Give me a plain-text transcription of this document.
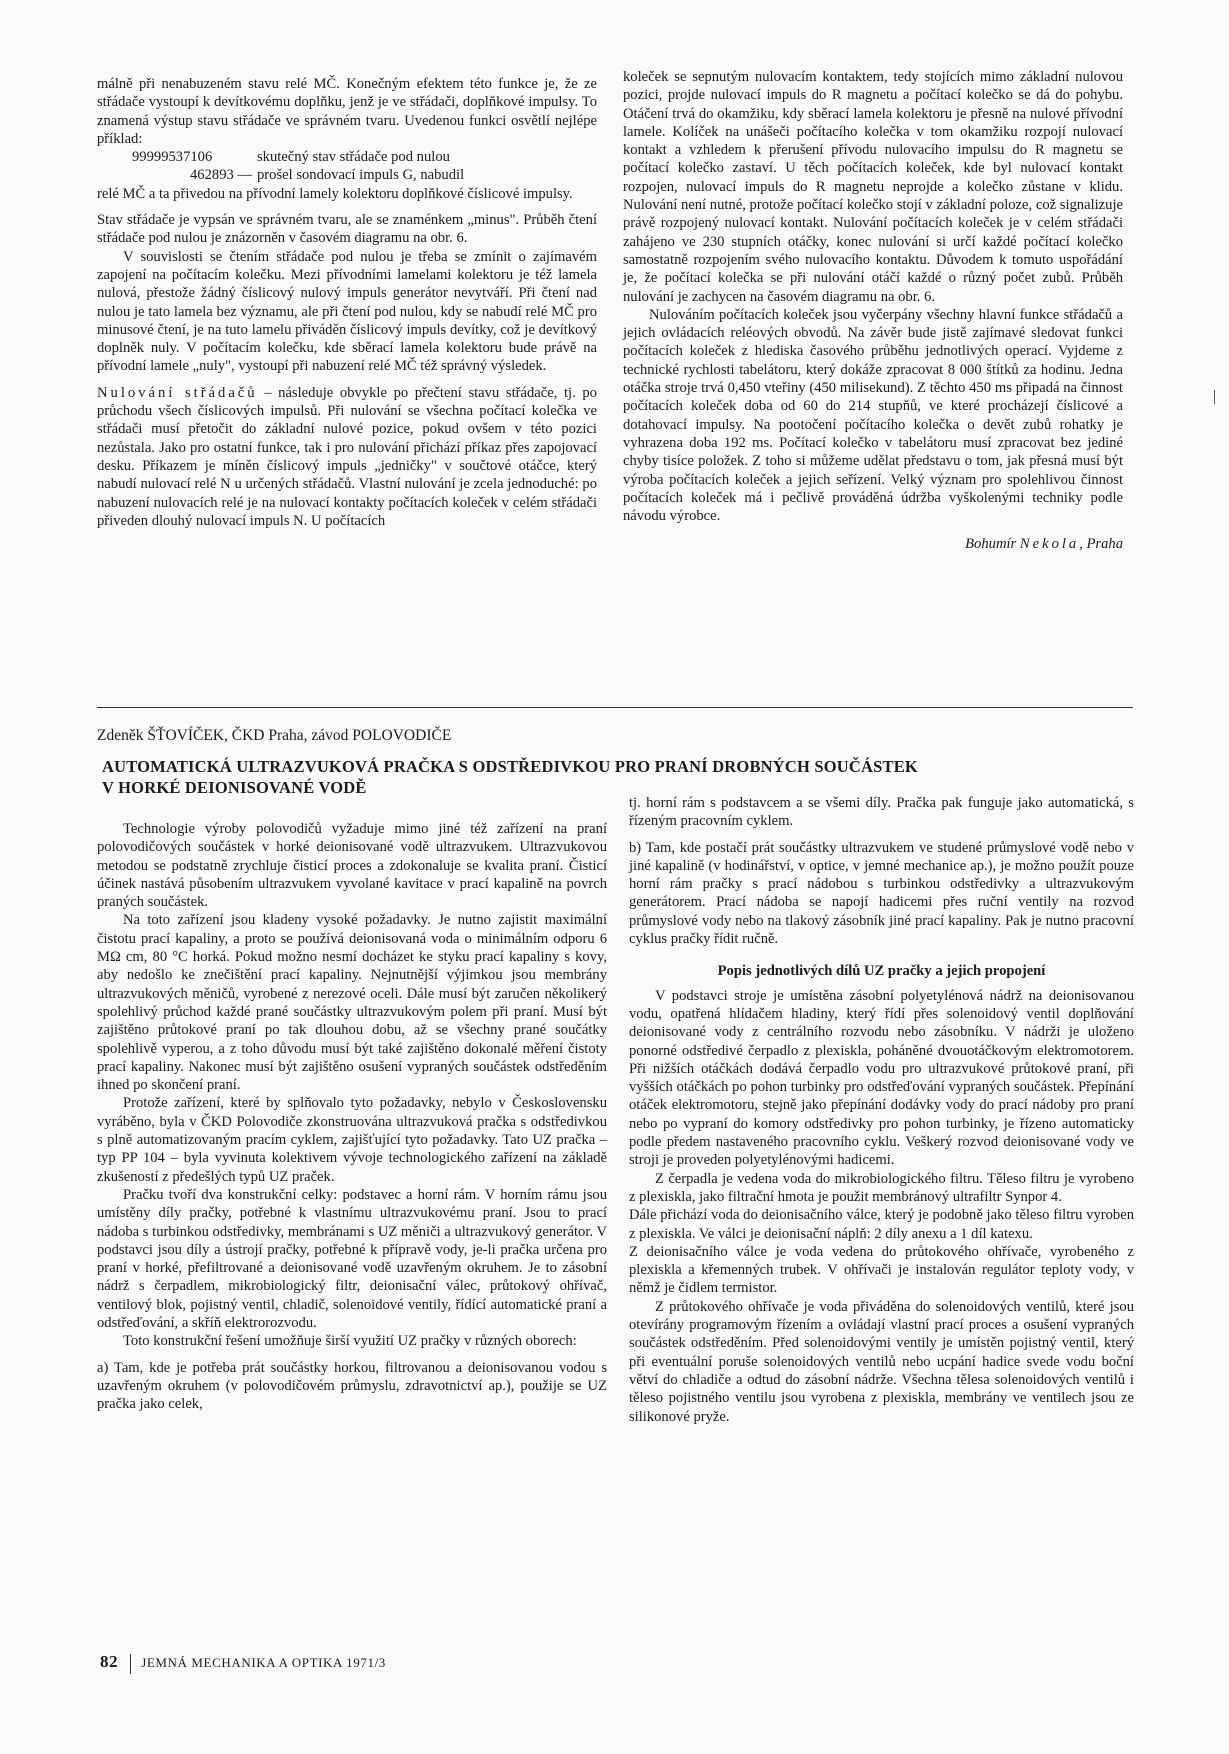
málně při nenabuzeném stavu relé MČ. Konečným efektem této funkce je, že ze střádače vystoupí k devítkovému doplňku, jenž je ve střádači, doplňkové impulsy. To znamená výstup stavu střádače ve správném tvaru. Uvedenou funkci osvětlí nejlépe příklad:

99999537106	skutečný stav střádače pod nulou
462893 — prošel sondovací impuls G, nabudil

relé MČ a ta přivedou na přívodní lamely kolektoru doplňkové číslicové impulsy.

Stav střádače je vypsán ve správném tvaru, ale se znaménkem „minus". Průběh čtení střádače pod nulou je znázorněn v časovém diagramu na obr. 6.

V souvislosti se čtením střádače pod nulou je třeba se zmínit o zajímavém zapojení na počítacím kolečku. Mezi přívodními lamelami kolektoru je též lamela nulová, přestože žádný číslicový nulový impuls generátor nevytváří. Při čtení nad nulou je tato lamela bez významu, ale při čtení pod nulou, kdy se nabudí relé MČ pro minusové čtení, je na tuto lamelu přiváděn číslicový impuls devítky, což je devítkový doplněk nuly. V počítacím kolečku, kde sběrací lamela kolektoru bude právě na přívodní lamele „nuly", vystoupí při nabuzení relé MČ též správný výsledek.

Nulování střádačů – následuje obvykle po přečtení stavu střádače, tj. po průchodu všech číslicových impulsů. Při nulování se všechna počítací kolečka ve střádači musí přetočit do základní nulové pozice, pokud ovšem v této pozici nezůstala. Jako pro ostatní funkce, tak i pro nulování přichází příkaz přes zapojovací desku. Příkazem je míněn číslicový impuls „jedničky" v součtové otáčce, který nabudí nulovací relé N u určených střádačů. Vlastní nulování je zcela jednoduché: po nabuzení nulovacích relé je na nulovací kontakty počítacích koleček v celém střádači přiveden dlouhý nulovací impuls N. U počítacích

koleček se sepnutým nulovacím kontaktem, tedy stojících mimo základní nulovou pozici, projde nulovací impuls do R magnetu a počítací kolečko se dá do pohybu. Otáčení trvá do okamžiku, kdy sběrací lamela kolektoru je přesně na nulové přívodní lamele. Kolíček na unášeči počítacího kolečka v tom okamžiku rozpojí nulovací kontakt a vzhledem k přerušení přívodu nulovacího impulsu do R magnetu se počítací kolečko zastaví. U těch počítacích koleček, kde byl nulovací kontakt rozpojen, nulovací impuls do R magnetu neprojde a kolečko zůstane v klidu. Nulování není nutné, protože počítací kolečko stojí v základní poloze, což signalizuje právě rozpojený nulovací kontakt. Nulování počítacích koleček je v celém střádači zahájeno ve 230 stupních otáčky, konec nulování si určí každé počítací kolečko samostatně rozpojením svého nulovacího kontaktu. Důvodem k tomuto uspořádání je, že počítací kolečka se při nulování otáčí každé o různý počet zubů. Průběh nulování je zachycen na časovém diagramu na obr. 6.

Nulováním počítacích koleček jsou vyčerpány všechny hlavní funkce střádačů a jejich ovládacích reléových obvodů. Na závěr bude jistě zajímavé sledovat funkci počítacích koleček z hlediska časového průběhu jednotlivých operací. Vyjdeme z technické rychlosti tabelátoru, který dokáže zpracovat 8 000 štítků za hodinu. Jedna otáčka stroje trvá 0,450 vteřiny (450 milisekund). Z těchto 450 ms připadá na činnost počítacích koleček doba od 60 do 214 stupňů, ve které procházejí číslicové a dotahovací impulsy. Na pootočení počítacího kolečka o devět zubů rohatky je vyhrazena doba 192 ms. Počítací kolečko v tabelátoru musí zpracovat bez jediné chyby tisíce položek. Z toho si můžeme udělat představu o tom, jak přesná musí být výroba počítacích koleček a jejich seřízení. Velký význam pro spolehlivou činnost počítacích koleček má i pečlivě prováděná údržba vyškolenými techniky podle návodu výrobce.

Bohumír Nekola, Praha

Zdeněk ŠŤOVÍČEK, ČKD Praha, závod POLOVODIČE
AUTOMATICKÁ ULTRAZVUKOVÁ PRAČKA S ODSTŘEDIVKOU PRO PRANÍ DROBNÝCH SOUČÁSTEK
V HORKÉ DEIONISOVANÉ VODĚ

Technologie výroby polovodičů vyžaduje mimo jiné též zařízení na praní polovodičových součástek v horké deionisované vodě ultrazvukem. Ultrazvukovou metodou se podstatně zrychluje čisticí proces a zdokonaluje se kvalita praní. Čisticí účinek nastává působením ultrazvukem vyvolané kavitace v prací kapalině na povrch praných součástek.

Na toto zařízení jsou kladeny vysoké požadavky. Je nutno zajistit maximální čistotu prací kapaliny, a proto se používá deionisovaná voda o minimálním odporu 6 MΩ cm, 80 °C horká. Pokud možno nesmí docházet ke styku prací kapaliny s kovy, aby nedošlo ke znečištění prací kapaliny. Nejnutnější výjimkou jsou membrány ultrazvukových měničů, vyrobené z nerezové oceli. Dále musí být zaručen několikerý spolehlivý průchod každé prané součástky ultrazvukovým polem při praní. Musí být zajištěno průtokové praní po tak dlouhou dobu, až se všechny prané součátky spolehlivě vyperou, a z toho důvodu musí být také zajištěno dokonalé měření čistoty prací kapaliny. Nakonec musí být zajištěno osušení vypraných součástek odstředěním ihned po skončení praní.

Protože zařízení, které by splňovalo tyto požadavky, nebylo v Československu vyráběno, byla v ČKD Polovodiče zkonstruována ultrazvuková pračka s odstředivkou s plně automatizovaným pracím cyklem, zajišťující tyto požadavky. Tato UZ pračka – typ PP 104 – byla vyvinuta kolektivem vývoje technologického zařízení na základě zkušeností z předešlých typů UZ praček.

Pračku tvoří dva konstrukční celky: podstavec a horní rám. V horním rámu jsou umístěny díly pračky, potřebné k vlastnímu ultrazvukovému praní. Jsou to prací nádoba s turbinkou odstředivky, membránami s UZ měniči a ultrazvukový generátor. V podstavci jsou díly a ústrojí pračky, potřebné k přípravě vody, je-li pračka určena pro praní v horké, přefiltrované a deionisované vodě uzavřeným okruhem. Je to zásobní nádrž s čerpadlem, mikrobiologický filtr, deionisační válec, průtokový ohřívač, ventilový blok, pojistný ventil, chladič, solenoidové ventily, řídící automatické praní a odstřeďování, a skříň elektrorozvodu.

Toto konstrukční řešení umožňuje širší využití UZ pračky v různých oborech:

a) Tam, kde je potřeba prát součástky horkou, filtrovanou a deionisovanou vodou s uzavřeným okruhem (v polovodičovém průmyslu, zdravotnictví ap.), použije se UZ pračka jako celek,

tj. horní rám s podstavcem a se všemi díly. Pračka pak funguje jako automatická, s řízeným pracovním cyklem.

b) Tam, kde postačí prát součástky ultrazvukem ve studené průmyslové vodě nebo v jiné kapalině (v hodinářství, v optice, v jemné mechanice ap.), je možno použít pouze horní rám pračky s prací nádobou s turbinkou odstředivky a ultrazvukovým generátorem. Prací nádoba se napojí hadicemi přes ruční ventily na rozvod průmyslové vody nebo na tlakový zásobník jiné prací kapaliny. Pak je nutno pracovní cyklus pračky řídit ručně.

Popis jednotlivých dílů UZ pračky a jejich propojení

V podstavci stroje je umístěna zásobní polyetylénová nádrž na deionisovanou vodu, opatřená hlídačem hladiny, který řídí přes solenoidový ventil doplňování deionisované vody z centrálního rozvodu nebo zásobníku. V nádrži je uloženo ponorné odstředivé čerpadlo z plexiskla, poháněné dvouotáčkovým elektromotorem. Při nižších otáčkách dodává čerpadlo vodu pro ultrazvukové průtokové praní, při vyšších otáčkách po pohon turbinky pro odstřeďování vypraných součástek. Přepínání otáček elektromotoru, stejně jako přepínání dodávky vody do prací nádoby pro praní nebo po vypraní do komory odstředivky pro pohon turbinky, je řízeno automaticky podle předem nastaveného pracovního cyklu. Veškerý rozvod deionisované vody ve stroji je proveden polyetylénovými hadicemi.

Z čerpadla je vedena voda do mikrobiologického filtru. Těleso filtru je vyrobeno z plexiskla, jako filtrační hmota je použit membránový ultrafiltr Synpor 4.

Dále přichází voda do deionisačního válce, který je podobně jako těleso filtru vyroben z plexiskla. Ve válci je deionisační náplň: 2 díly anexu a 1 díl katexu.

Z deionisačního válce je voda vedena do průtokového ohřívače, vyrobeného z plexiskla a křemenných trubek. V ohřívači je instalován regulátor teploty vody, v němž je čidlem termistor.

Z průtokového ohřívače je voda přiváděna do solenoidových ventilů, které jsou otevírány programovým řízením a ovládají vlastní prací proces a osušení vypraných součástek odstředěním. Před solenoidovými ventily je umístěn pojistný ventil, který při eventuální poruše solenoidových ventilů nebo ucpání hadice svede vodu boční větví do chladiče a odtud do zásobní nádrže. Všechna tělesa solenoidových ventilů i těleso pojistného ventilu jsou vyrobena z plexiskla, membrány ve ventilech jsou ze silikonové pryže.

82 JEMNÁ MECHANIKA A OPTIKA 1971/3
